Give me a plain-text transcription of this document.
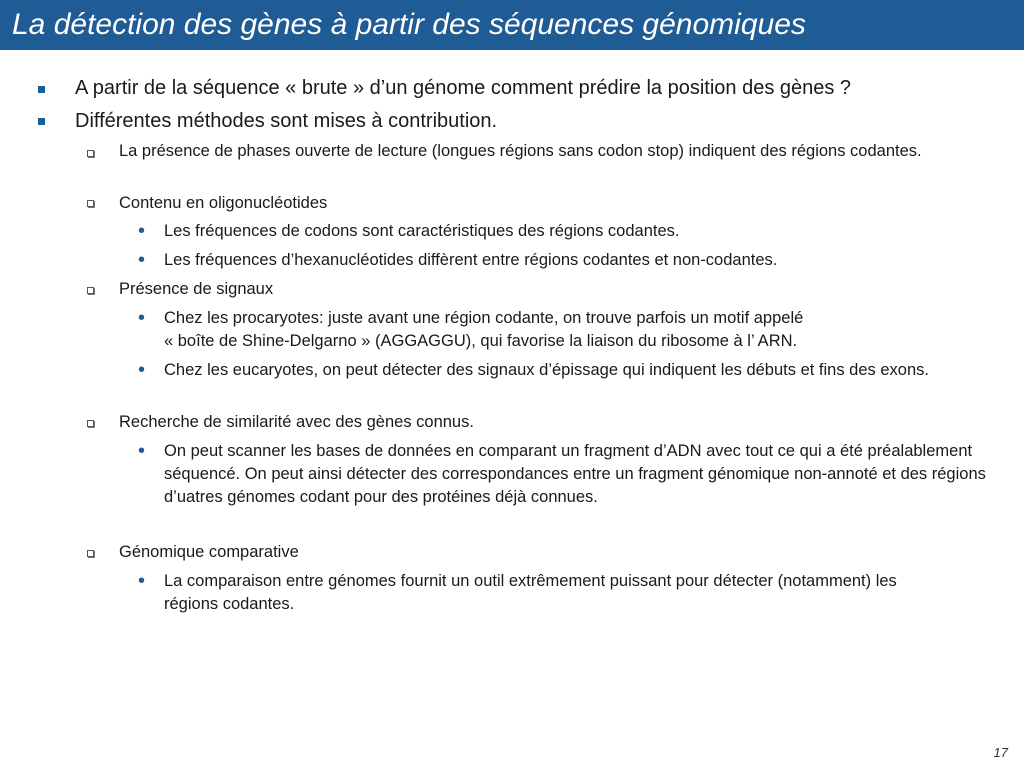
La détection des gènes à partir des séquences génomiques
A partir de la séquence « brute » d’un génome comment prédire la position des gènes ?
Différentes méthodes sont mises à contribution.
La présence de phases ouverte de lecture (longues régions sans codon stop) indiquent des régions codantes.
Contenu en oligonucléotides
• Les fréquences de codons sont caractéristiques des régions codantes.
• Les fréquences d’hexanucléotides diffèrent entre régions codantes et non-codantes.
Présence de signaux
• Chez les procaryotes: juste avant une région codante, on trouve parfois un motif appelé
« boîte de Shine-Delgarno » (AGGAGGU), qui favorise la liaison du ribosome à l’ ARN.
• Chez les eucaryotes, on peut détecter des signaux d’épissage qui indiquent les débuts et fins des exons.
Recherche de similarité avec des gènes connus.
• On peut scanner les bases de données en comparant un fragment d’ADN avec tout ce qui a été préalablement séquencé. On peut ainsi détecter des correspondances entre un fragment génomique non-annoté et des régions d’uatres génomes codant pour des protéines déjà connues.
Génomique comparative
• La comparaison entre génomes fournit un outil extrêmement puissant pour détecter (notamment) les régions codantes.
17
